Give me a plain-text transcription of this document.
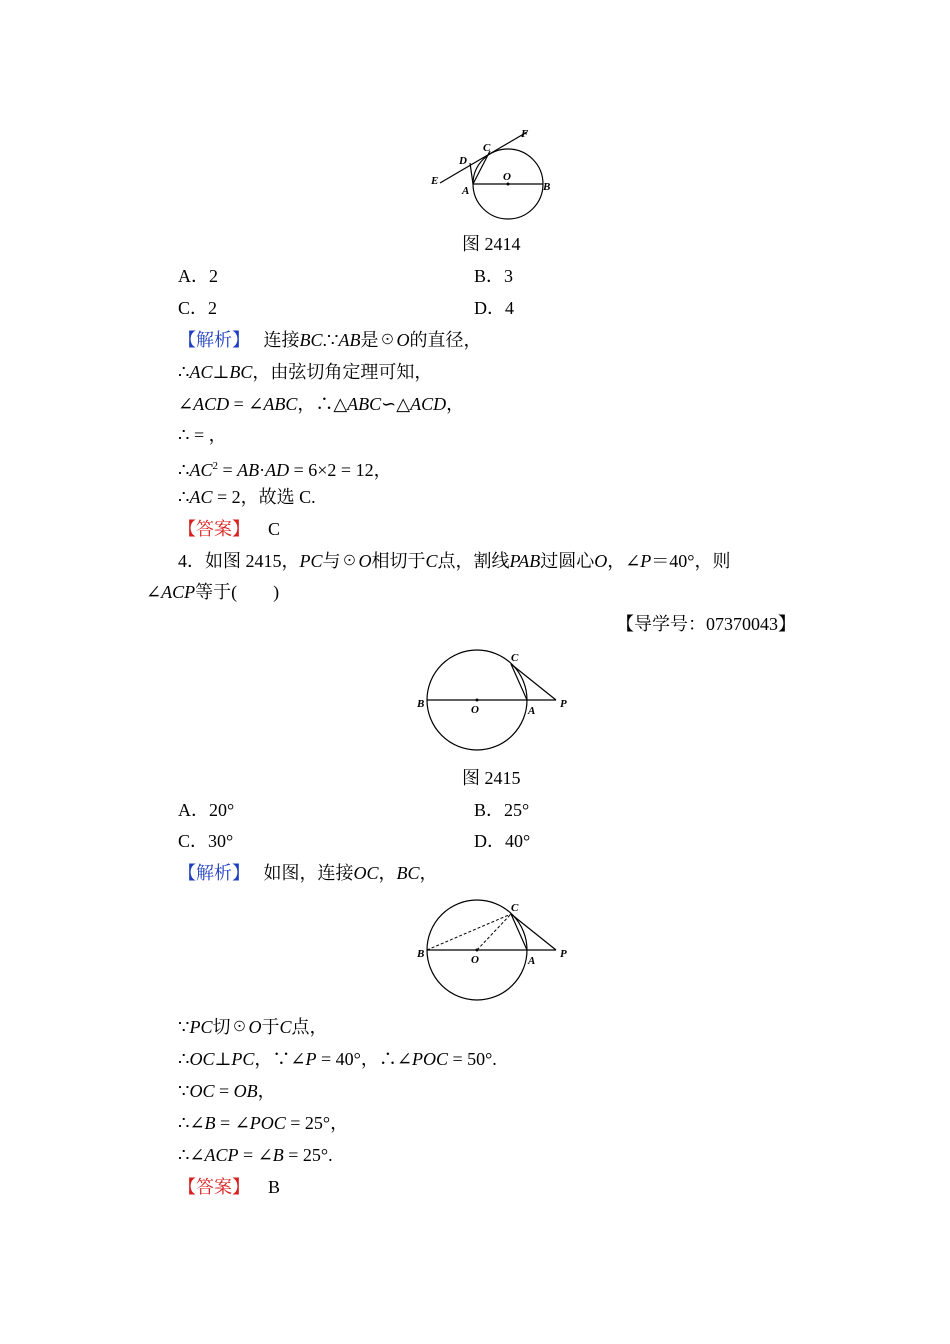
E
D
C
F
A
O
B
图 2414
A．2	B．3
C．2	D．4
【解析】 连接BC.∵AB是☉O的直径，
∴AC⊥BC，由弦切角定理可知，
∠ACD = ∠ABC，∴△ABC∽△ACD，
∴ = ，
$\therefore AC^2 = AB\cdot AD = 6\times 2 = 12$，
∴AC = 2，故选 C.
【答案】 C
4．如图 2415，PC与☉O相切于C点，割线PAB过圆心O，∠P＝40°，则
∠ACP等于(　　)
【导学号：07370043】
B	O	A
P
C
图 2415
A．20°	B．25°
C．30°	D．40°
【解析】 如图，连接OC，BC，
B	O	A
P
C
∵PC切☉O于C点，
∴OC⊥PC，∵∠P = 40°，∴∠POC = 50°.
∵OC = OB，
∴∠B = ∠POC = 25°，
∴∠ACP = ∠B = 25°.
【答案】 B
